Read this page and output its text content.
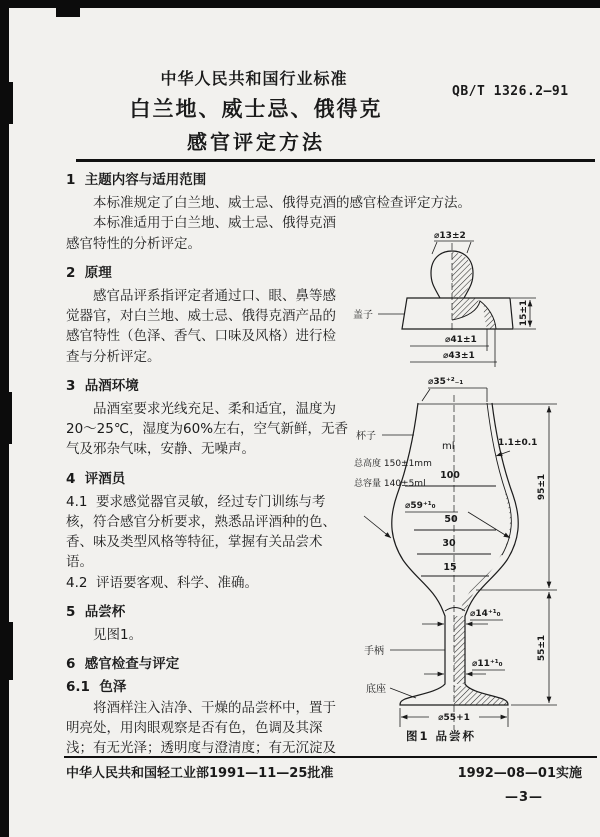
中华人民共和国行业标准
QB/T 1326.2—91
白兰地、威士忌、俄得克
感官评定方法
1  主题内容与适用范围
本标准规定了白兰地、威士忌、俄得克酒的感官检查评定方法。
本标准适用于白兰地、威士忌、俄得克酒
感官特性的分析评定。
2  原理
感官品评系指评定者通过口、眼、鼻等感
觉器官，对白兰地、威士忌、俄得克酒产品的
感官特性（色泽、香气、口味及风格）进行检
查与分析评定。
3  品酒环境
品酒室要求光线充足、柔和适宜，温度为
20～25℃，湿度为60%左右，空气新鲜，无香
气及邪杂气味，安静、无噪声。
4  评酒员
4.1  要求感觉器官灵敏，经过专门训练与考
核，符合感官分析要求，熟悉品评酒种的色、
香、味及类型风格等特征，掌握有关品尝术
语。
4.2  评语要客观、科学、准确。
5  品尝杯
见图1。
6  感官检查与评定
6.1  色泽
将酒样注入洁净、干燥的品尝杯中，置于
明亮处，用肉眼观察是否有色，色调及其深
浅；有无光泽；透明度与澄清度；有无沉淀及
⌀13±2
15±1
⌀41±1
⌀43±1
盖子
100
50
30
15
⌀35⁺²₋₁
1.1±0.1
⌀59⁺¹₀
95±1
55±1
⌀14⁺¹₀
⌀11⁺¹₀
⌀55+1
杯子
ml
总高度 150±1mm
总容量 140±5ml
手柄
底座
图1 品尝杯
中华人民共和国轻工业部1991—11—25批准	1992—08—01实施
—3—
